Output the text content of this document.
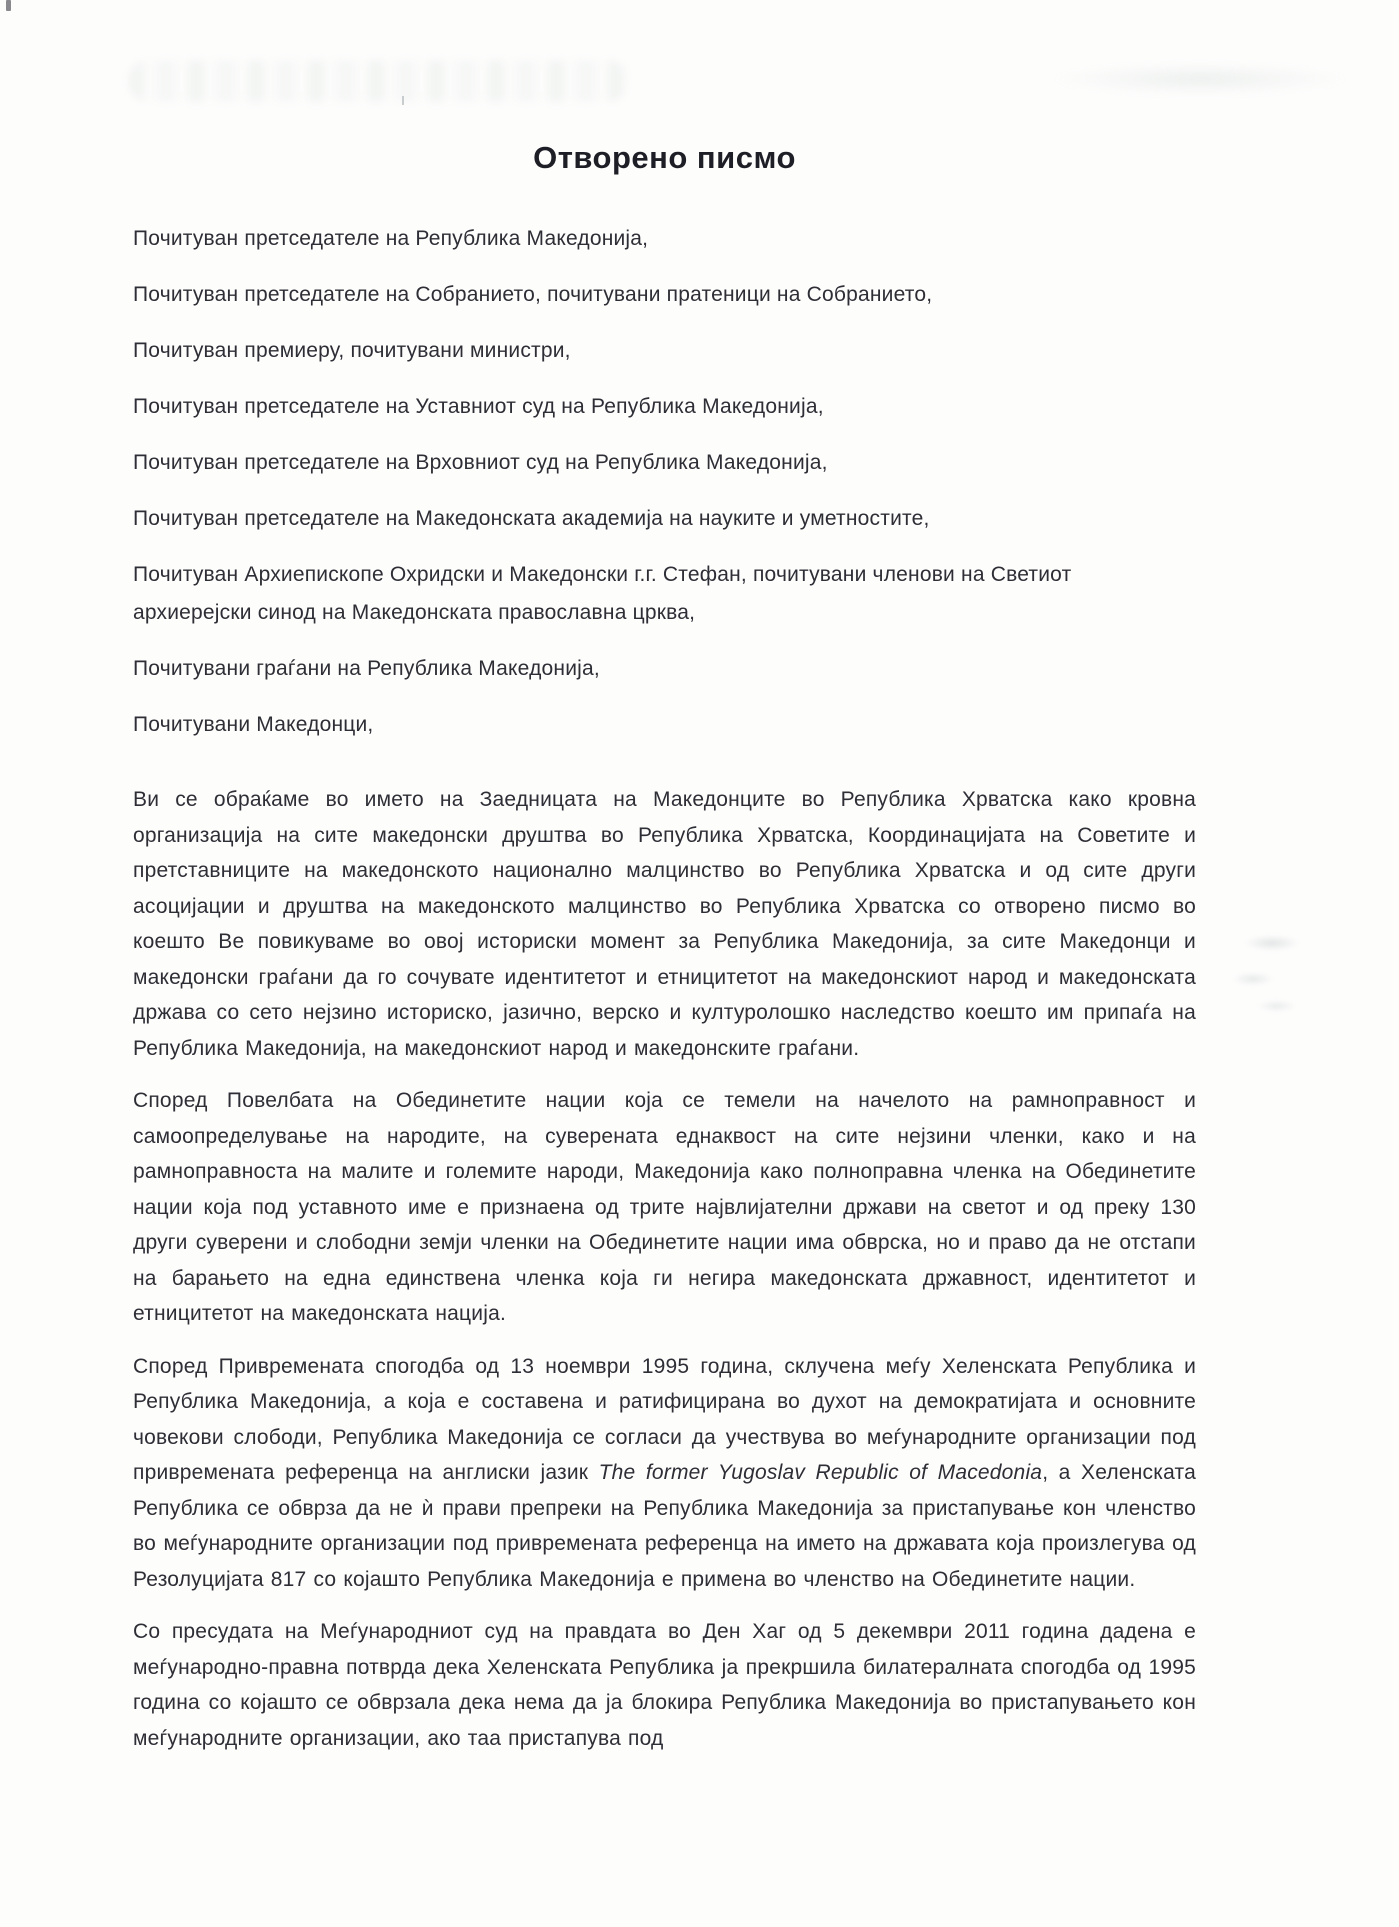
Отворено писмо

Почитуван претседателе на Република Македонија,

Почитуван претседателе на Собранието, почитувани пратеници на Собранието,

Почитуван премиеру, почитувани министри,

Почитуван претседателе на Уставниот суд на Република Македонија,

Почитуван претседателе на Врховниот суд на Република Македонија,

Почитуван претседателе на Македонската академија на науките и уметностите,

Почитуван Архиепископе Охридски и Македонски г.г. Стефан, почитувани членови на Светиот архиерејски синод на Македонската православна црква,

Почитувани граѓани на Република Македонија,

Почитувани Македонци,

Ви се обраќаме во името на Заедницата на Македонците во Република Хрватска како кровна организација на сите македонски друштва во Република Хрватска, Координацијата на Советите и претставниците на македонското национално малцинство во Република Хрватска и од сите други асоцијации и друштва на македонското малцинство во Република Хрватска со отворено писмо во коешто Ве повикуваме во овој историски момент за Република Македонија, за сите Македонци и македонски граѓани да го сочувате идентитетот и етницитетот на македонскиот народ и македонската држава со сето нејзино историско, јазично, верско и културолошко наследство коешто им припаѓа на Република Македонија, на македонскиот народ и македонските граѓани.

Според Повелбата на Обединетите нации која се темели на начелото на рамноправност и самоопределување на народите, на суверената еднаквост на сите нејзини членки, како и на рамноправноста на малите и големите народи, Македонија како полноправна членка на Обединетите нации која под уставното име е признаена од трите највлијателни држави на светот и од преку 130 други суверени и слободни земји членки на Обединетите нации има обврска, но и право да не отстапи на барањето на една единствена членка која ги негира македонската државност, идентитетот и етницитетот на македонската нација.

Според Привремената спогодба од 13 ноември 1995 година, склучена меѓу Хеленската Република и Република Македонија, а која е составена и ратифицирана во духот на демократијата и основните човекови слободи, Република Македонија се согласи да учествува во меѓународните организации под привремената референца на англиски јазик The former Yugoslav Republic of Macedonia, а Хеленската Република се обврза да не ѝ прави препреки на Република Македонија за пристапување кон членство во меѓународните организации под привремената референца на името на државата која произлегува од Резолуцијата 817 со којашто Република Македонија е примена во членство на Обединетите нации.

Со пресудата на Меѓународниот суд на правдата во Ден Хаг од 5 декември 2011 година дадена е меѓународно-правна потврда дека Хеленската Република ја прекршила билатералната спогодба од 1995 година со којашто се обврзала дека нема да ја блокира Република Македонија во пристапувањето кон меѓународните организации, ако таа пристапува под
